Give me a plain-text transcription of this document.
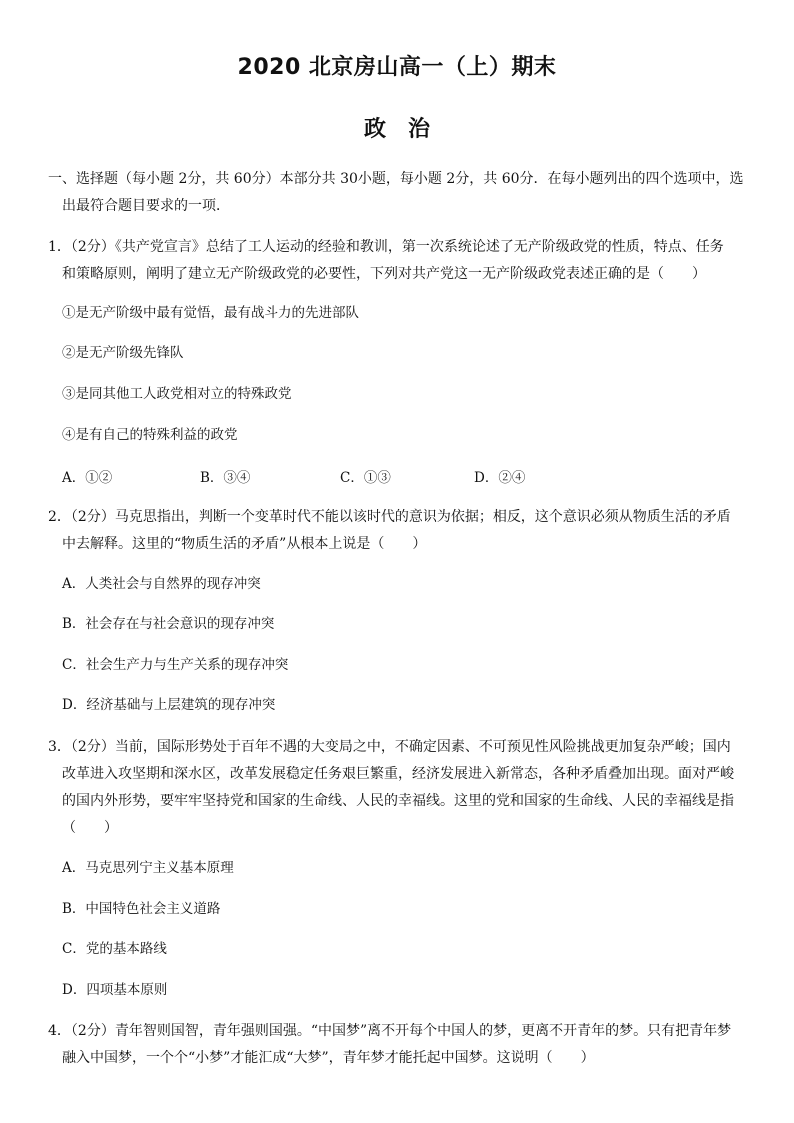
2020 北京房山高一（上）期末
政　治
一、选择题（每小题 2分，共 60分）本部分共 30小题，每小题 2分，共 60分．在每小题列出的四个选项中，选
出最符合题目要求的一项．
1．（2分）《共产党宣言》总结了工人运动的经验和教训，第一次系统论述了无产阶级政党的性质，特点、任务
和策略原则，阐明了建立无产阶级政党的必要性，下列对共产党这一无产阶级政党表述正确的是（　　）
①是无产阶级中最有觉悟，最有战斗力的先进部队
②是无产阶级先锋队
③是同其他工人政党相对立的特殊政党
④是有自己的特殊利益的政党
A．①②	B．③④	C．①③	D．②④
2．（2分）马克思指出，判断一个变革时代不能以该时代的意识为依据；相反，这个意识必须从物质生活的矛盾
中去解释。这里的“物质生活的矛盾”从根本上说是（　　）
A．人类社会与自然界的现存冲突
B．社会存在与社会意识的现存冲突
C．社会生产力与生产关系的现存冲突
D．经济基础与上层建筑的现存冲突
3．（2分）当前，国际形势处于百年不遇的大变局之中，不确定因素、不可预见性风险挑战更加复杂严峻；国内
改革进入攻坚期和深水区，改革发展稳定任务艰巨繁重，经济发展进入新常态，各种矛盾叠加出现。面对严峻
的国内外形势，要牢牢坚持党和国家的生命线、人民的幸福线。这里的党和国家的生命线、人民的幸福线是指
（　　）
A．马克思列宁主义基本原理
B．中国特色社会主义道路
C．党的基本路线
D．四项基本原则
4．（2分）青年智则国智，青年强则国强。“中国梦”离不开每个中国人的梦，更离不开青年的梦。只有把青年梦
融入中国梦，一个个“小梦”才能汇成“大梦”，青年梦才能托起中国梦。这说明（　　）
